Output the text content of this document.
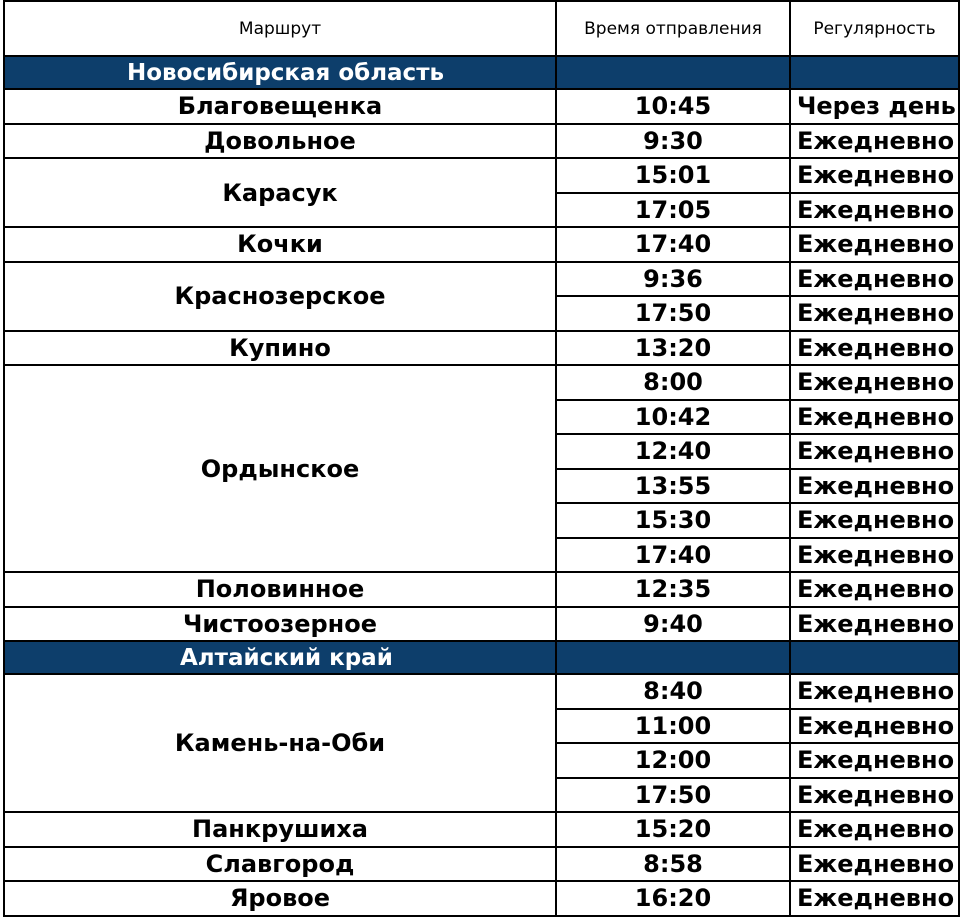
Маршрут	Время отправления	Регулярность
Новосибирская область		
Благовещенка	10:45	Через день
Довольное	9:30	Ежедневно
Карасук	15:01	Ежедневно
	17:05	Ежедневно
Кочки	17:40	Ежедневно
Краснозерское	9:36	Ежедневно
	17:50	Ежедневно
Купино	13:20	Ежедневно
Ордынское	8:00	Ежедневно
	10:42	Ежедневно
	12:40	Ежедневно
	13:55	Ежедневно
	15:30	Ежедневно
	17:40	Ежедневно
Половинное	12:35	Ежедневно
Чистоозерное	9:40	Ежедневно
Алтайский край		
Камень-на-Оби	8:40	Ежедневно
	11:00	Ежедневно
	12:00	Ежедневно
	17:50	Ежедневно
Панкрушиха	15:20	Ежедневно
Славгород	8:58	Ежедневно
Яровое	16:20	Ежедневно
